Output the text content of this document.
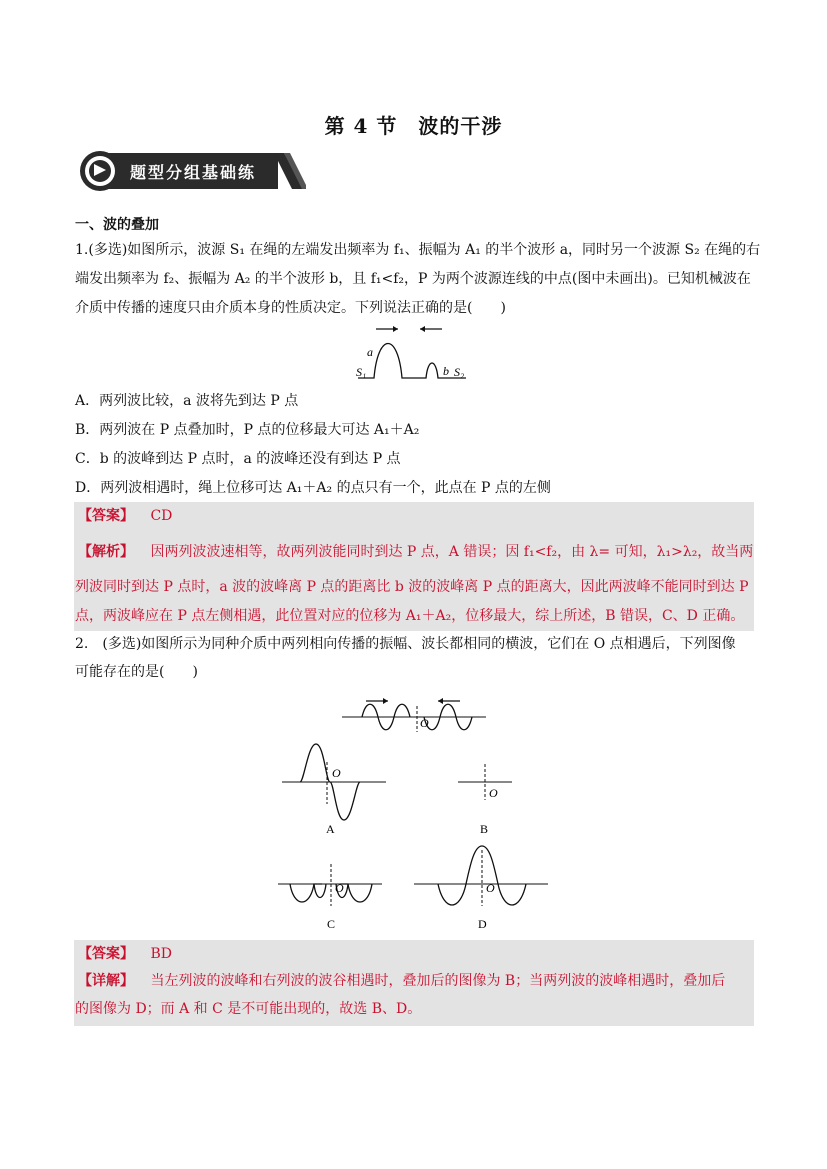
第 4 节　波的干涉
题型分组基础练
一、波的叠加
1.(多选)如图所示，波源 S₁ 在绳的左端发出频率为 f₁、振幅为 A₁ 的半个波形 a，同时另一个波源 S₂ 在绳的右
端发出频率为 f₂、振幅为 A₂ 的半个波形 b，且 f₁<f₂，P 为两个波源连线的中点(图中未画出)。已知机械波在
介质中传播的速度只由介质本身的性质决定。下列说法正确的是(　　)
a
b
S₁	S₂
A．两列波比较，a 波将先到达 P 点
B．两列波在 P 点叠加时，P 点的位移最大可达 A₁＋A₂
C．b 的波峰到达 P 点时，a 的波峰还没有到达 P 点
D．两列波相遇时，绳上位移可达 A₁＋A₂ 的点只有一个，此点在 P 点的左侧
【答案】 CD
【解析】 因两列波波速相等，故两列波能同时到达 P 点，A 错误；因 f₁<f₂，由 λ= 可知，λ₁>λ₂，故当两
列波同时到达 P 点时，a 波的波峰离 P 点的距离比 b 波的波峰离 P 点的距离大，因此两波峰不能同时到达 P
点，两波峰应在 P 点左侧相遇，此位置对应的位移为 A₁＋A₂，位移最大，综上所述，B 错误，C、D 正确。
2.　(多选)如图所示为同种介质中两列相向传播的振幅、波长都相同的横波，它们在 O 点相遇后，下列图像
可能存在的是(　　)
O
O
A
O
B
O
C
O
D
【答案】 BD
【详解】 当左列波的波峰和右列波的波谷相遇时，叠加后的图像为 B；当两列波的波峰相遇时，叠加后
的图像为 D；而 A 和 C 是不可能出现的，故选 B、D。
